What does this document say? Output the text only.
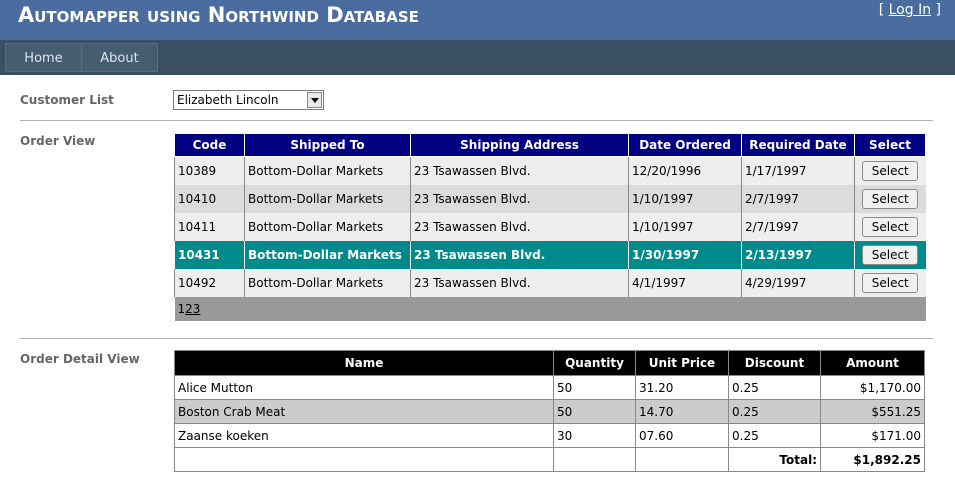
Automapper using Northwind Database	[ Log In ]
Home	About
Customer List	Elizabeth Lincoln
Order View	Code	Shipped To	Shipping Address	Date Ordered	Required Date	Select
10389	Bottom-Dollar Markets	23 Tsawassen Blvd.	12/20/1996	1/17/1997	Select
10410	Bottom-Dollar Markets	23 Tsawassen Blvd.	1/10/1997	2/7/1997	Select
10411	Bottom-Dollar Markets	23 Tsawassen Blvd.	1/10/1997	2/7/1997	Select
10431	Bottom-Dollar Markets	23 Tsawassen Blvd.	1/30/1997	2/13/1997	Select
10492	Bottom-Dollar Markets	23 Tsawassen Blvd.	4/1/1997	4/29/1997	Select
123					
Order Detail View	Name	Quantity	Unit Price	Discount	Amount
Alice Mutton	50	31.20	0.25	$1,170.00
Boston Crab Meat	50	14.70	0.25	$551.25
Zaanse koeken	30	07.60	0.25	$171.00
			Total:	$1,892.25
